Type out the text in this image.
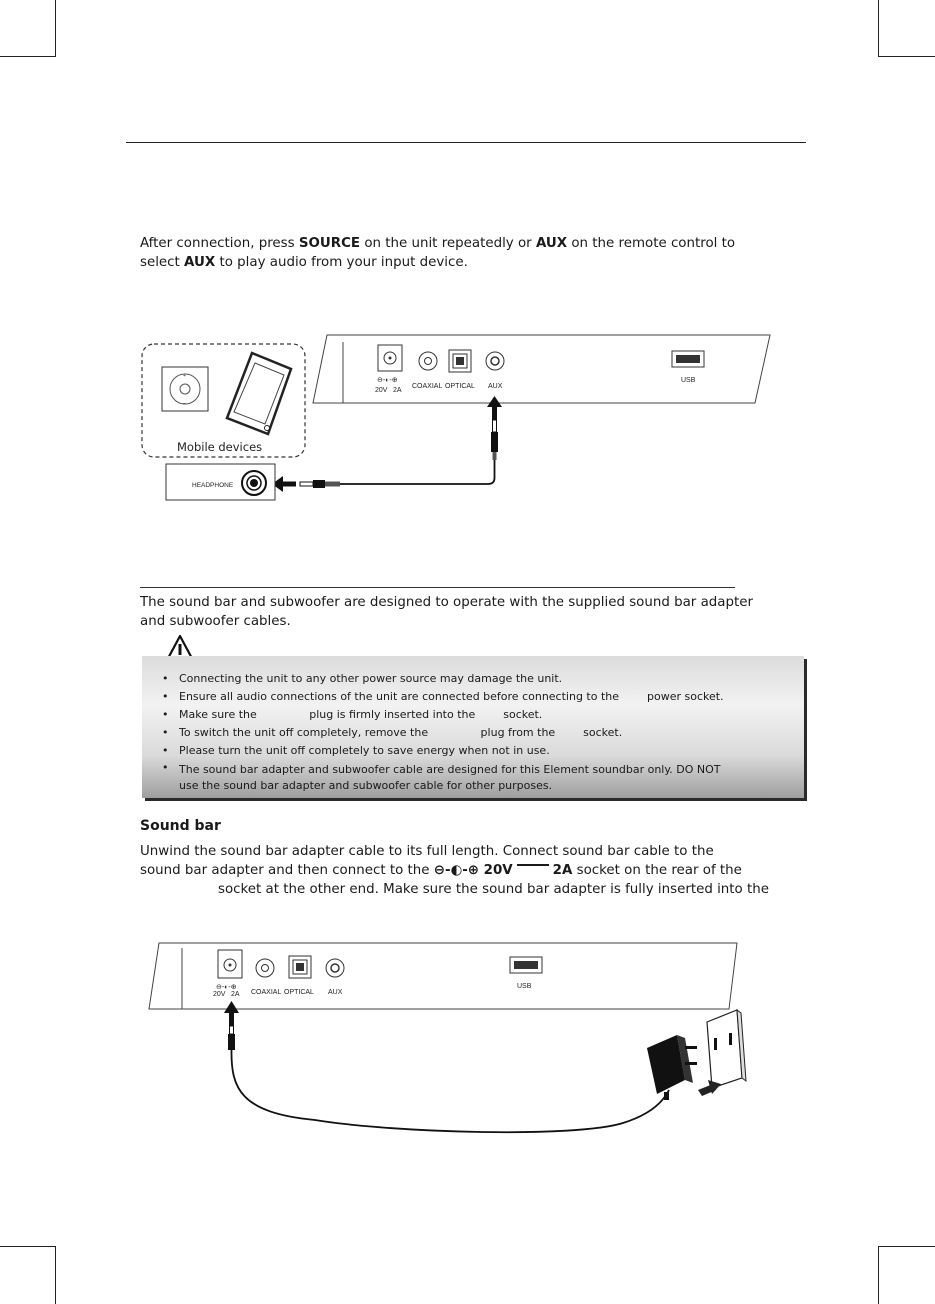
After connection, press SOURCE on the unit repeatedly or AUX on the remote control to
select AUX to play audio from your input device.
20V 2A
⊖-◐-⊕
COAXIAL OPTICAL AUX
USB
+
−
Mobile devices
HEADPHONE
The sound bar and subwoofer are designed to operate with the supplied sound bar adapter
and subwoofer cables.
• Connecting the unit to any other power source may damage the unit.
• Ensure all audio connections of the unit are connected before connecting to the        power socket.
• Make sure the               plug is firmly inserted into the        socket.
• To switch the unit off completely, remove the               plug from the        socket.
• Please turn the unit off completely to save energy when not in use.
• The sound bar adapter and subwoofer cable are designed for this Element soundbar only. DO NOT use the sound bar adapter and subwoofer cable for other purposes.
Sound bar
Unwind the sound bar adapter cable to its full length. Connect sound bar cable to the
sound bar adapter and then connect to the ⊖-◐-⊕ 20V	2A socket on the rear of the
socket at the other end. Make sure the sound bar adapter is fully inserted into the
⊖-◐-⊕
20V 2A COAXIAL OPTICAL AUX
USB
